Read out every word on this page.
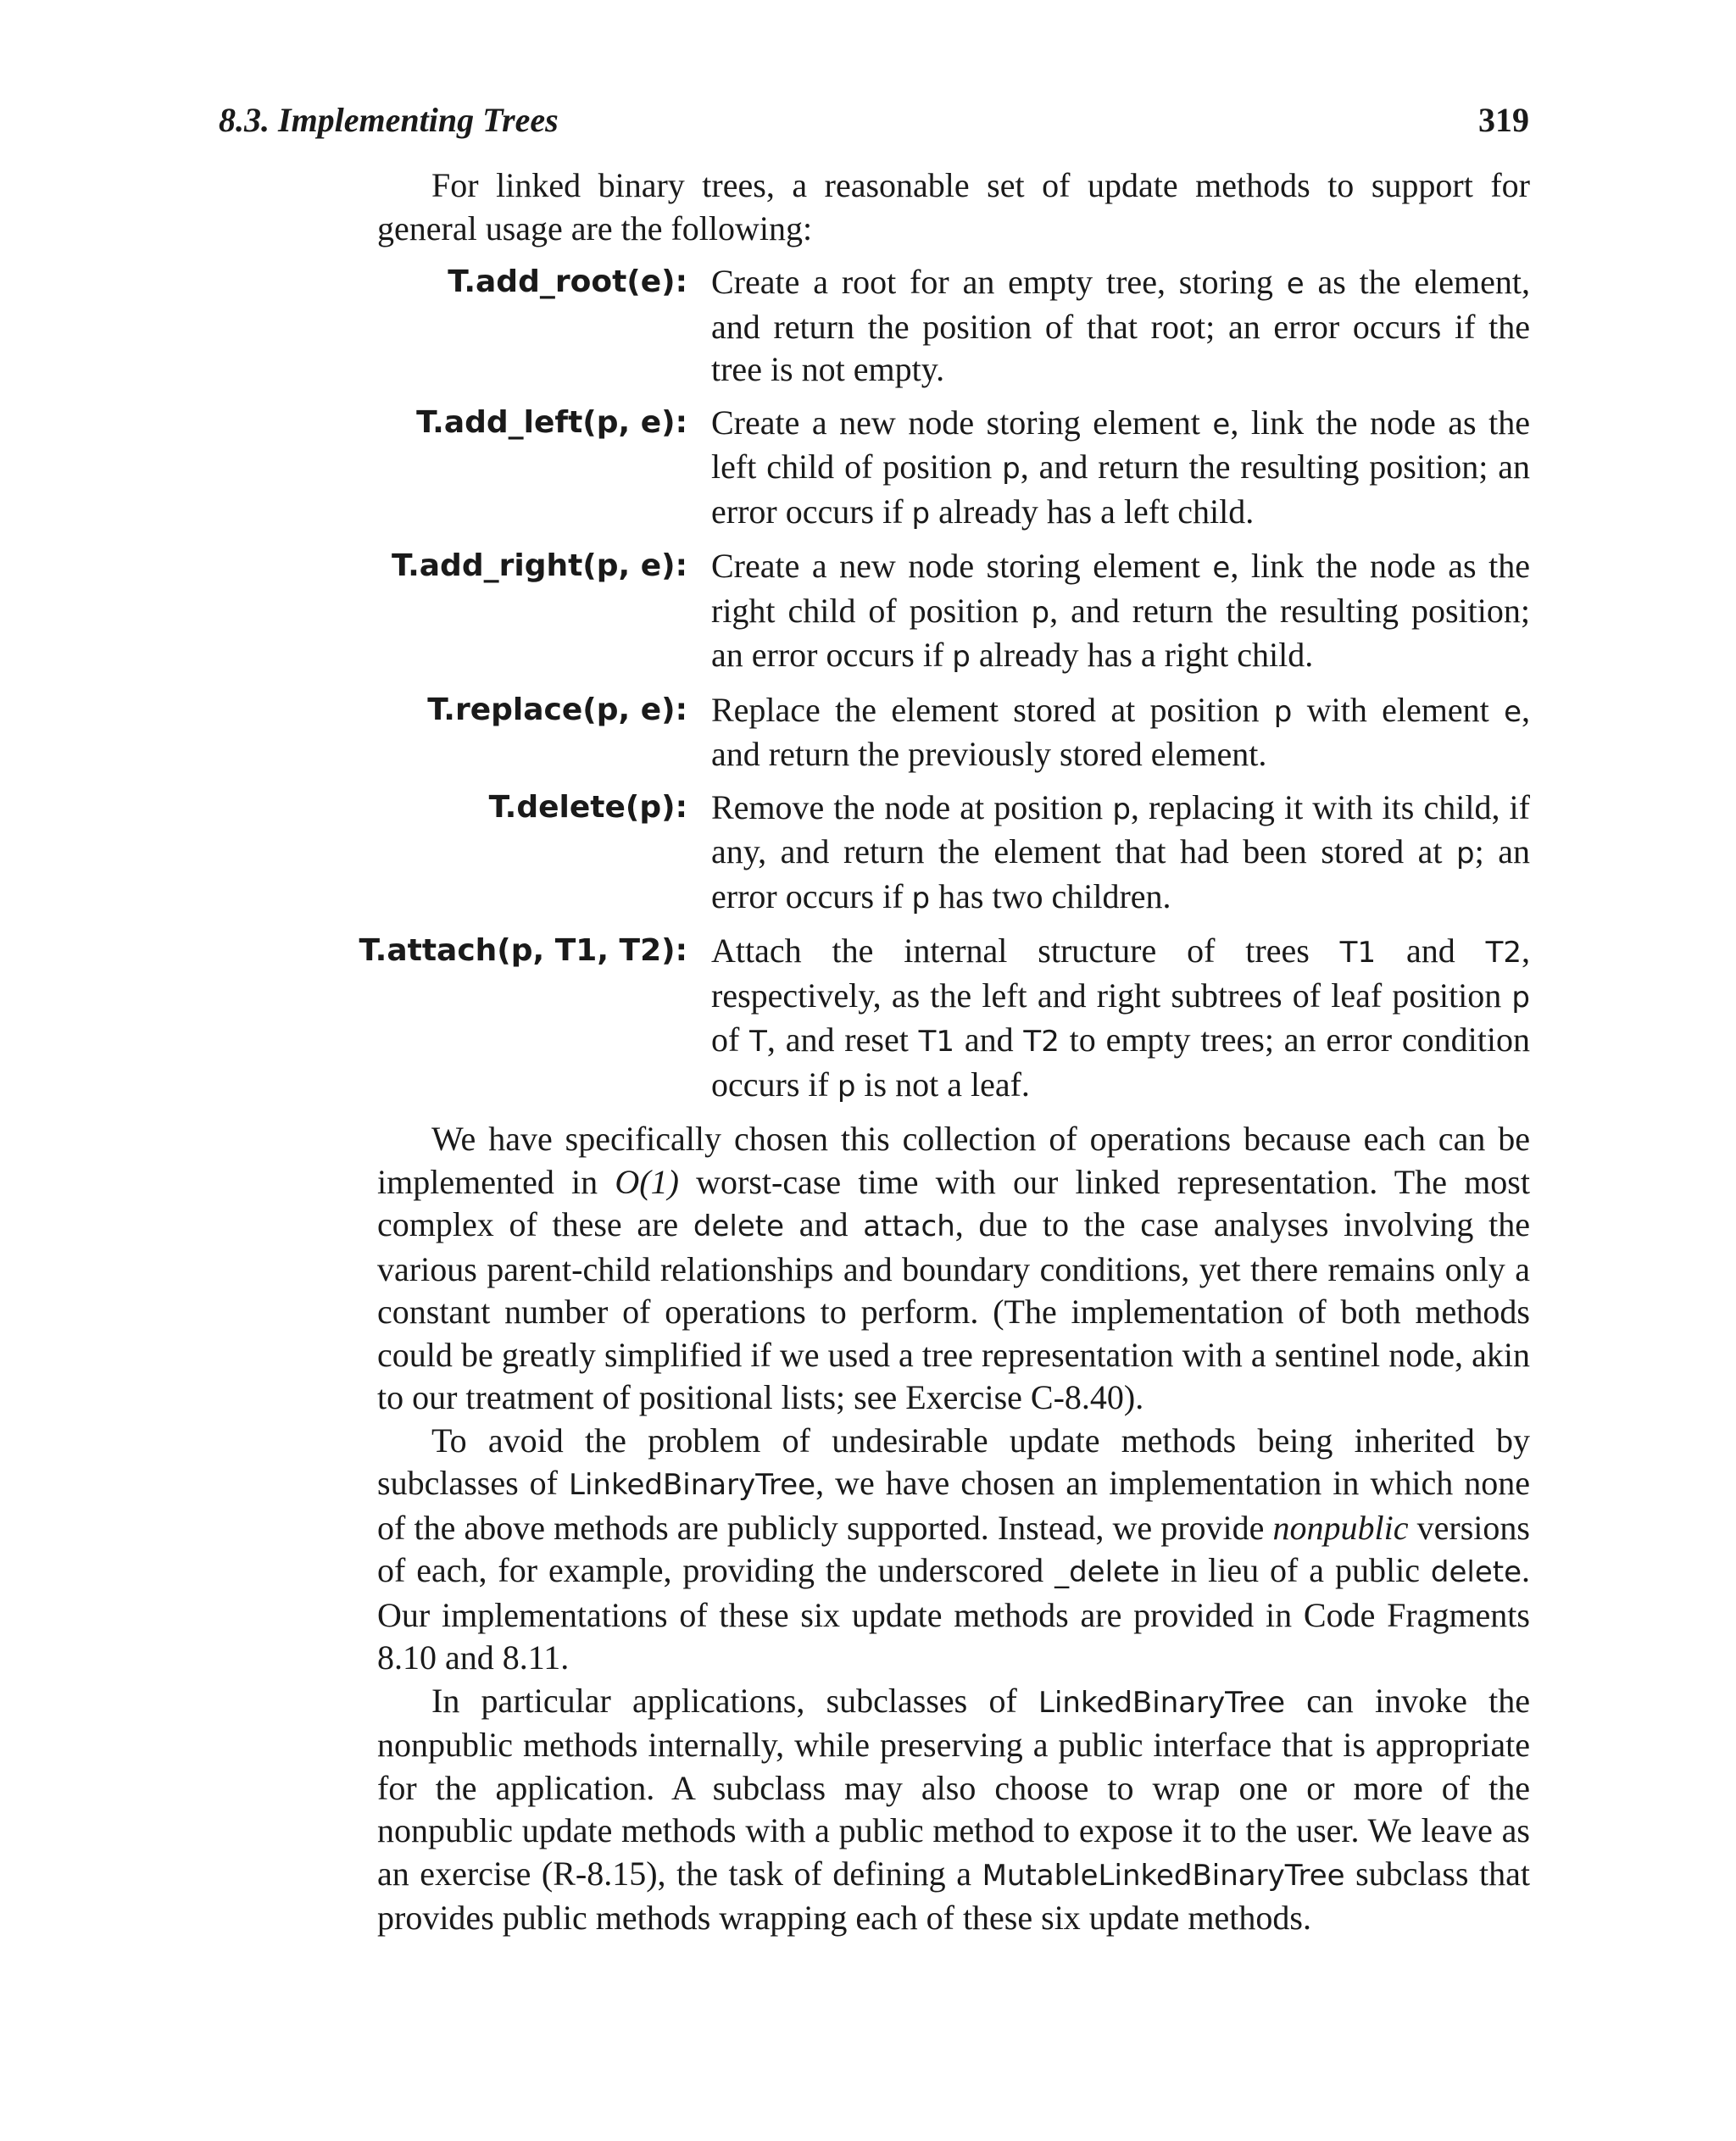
8.3. Implementing Trees	319

For linked binary trees, a reasonable set of update methods to support for general usage are the following:

T.add_root(e): Create a root for an empty tree, storing e as the element, and return the position of that root; an error occurs if the tree is not empty.
T.add_left(p, e): Create a new node storing element e, link the node as the left child of position p, and return the resulting position; an error occurs if p already has a left child.
T.add_right(p, e): Create a new node storing element e, link the node as the right child of position p, and return the resulting position; an error occurs if p already has a right child.
T.replace(p, e): Replace the element stored at position p with element e, and return the previously stored element.
T.delete(p): Remove the node at position p, replacing it with its child, if any, and return the element that had been stored at p; an error occurs if p has two children.
T.attach(p, T1, T2): Attach the internal structure of trees T1 and T2, respectively, as the left and right subtrees of leaf position p of T, and reset T1 and T2 to empty trees; an error condition occurs if p is not a leaf.

We have specifically chosen this collection of operations because each can be implemented in O(1) worst-case time with our linked representation. The most complex of these are delete and attach, due to the case analyses involving the various parent-child relationships and boundary conditions, yet there remains only a constant number of operations to perform. (The implementation of both methods could be greatly simplified if we used a tree representation with a sentinel node, akin to our treatment of positional lists; see Exercise C-8.40).

To avoid the problem of undesirable update methods being inherited by subclasses of LinkedBinaryTree, we have chosen an implementation in which none of the above methods are publicly supported. Instead, we provide nonpublic versions of each, for example, providing the underscored _delete in lieu of a public delete. Our implementations of these six update methods are provided in Code Fragments 8.10 and 8.11.

In particular applications, subclasses of LinkedBinaryTree can invoke the nonpublic methods internally, while preserving a public interface that is appropriate for the application. A subclass may also choose to wrap one or more of the nonpublic update methods with a public method to expose it to the user. We leave as an exercise (R-8.15), the task of defining a MutableLinkedBinaryTree subclass that provides public methods wrapping each of these six update methods.
